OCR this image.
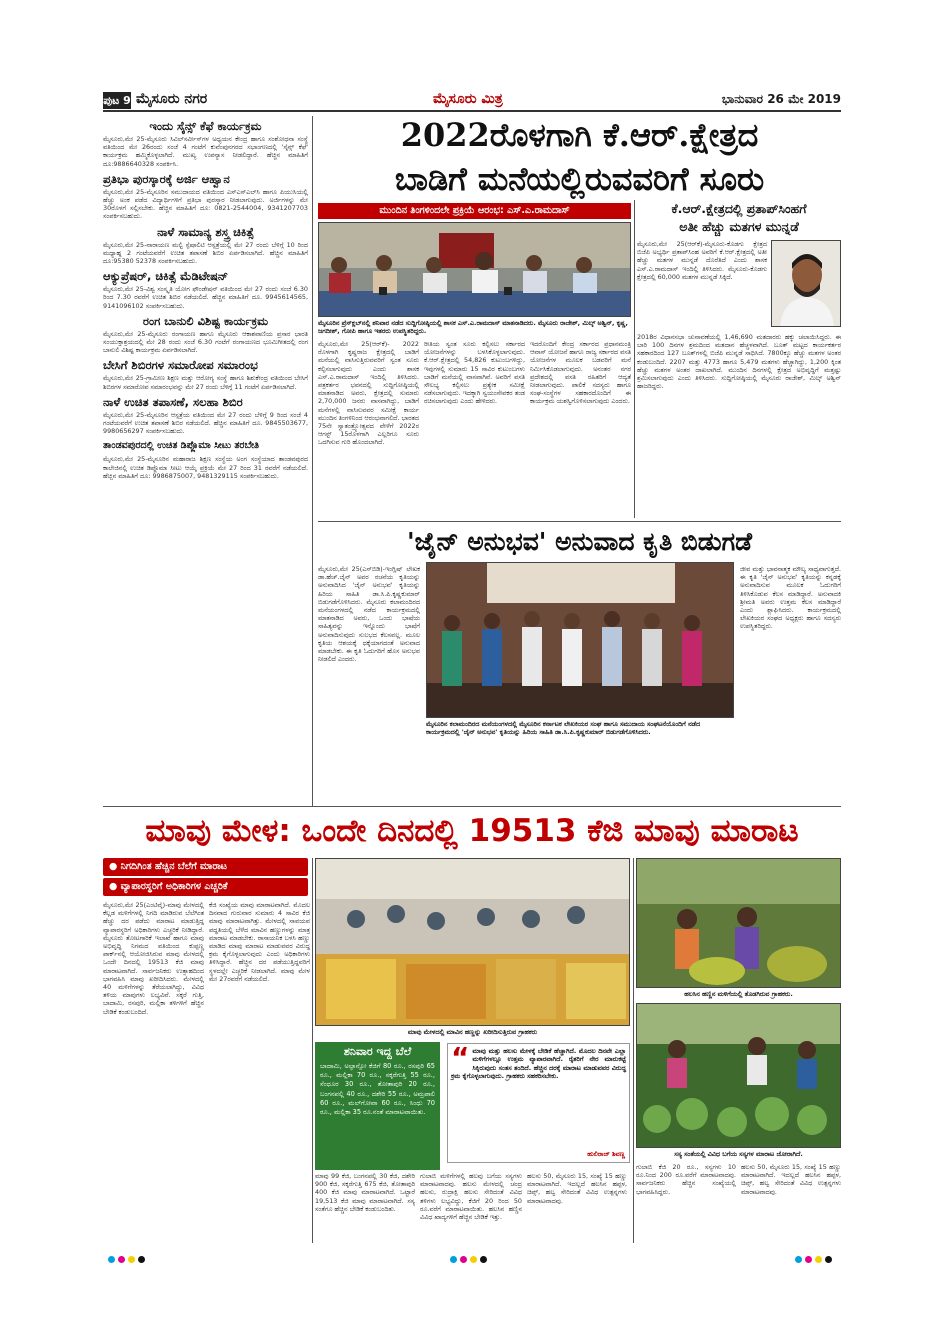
ಪುಟ 9 ಮೈಸೂರು ನಗರ	ಮೈಸೂರು ಮಿತ್ರ	ಭಾನುವಾರ 26 ಮೇ 2019
ಇಂದು ಸೈನ್ಸ್ ಕೆಫೆ ಕಾರ್ಯಕ್ರಮ
ಮೈಸೂರು,ಮೇ 25-ಮೈಸೂರು ಸಿವಿಲ್‌ಸರ್ವೀಸ್‌ಗಳ ಅಧ್ಯಯನ ಕೇಂದ್ರ ಹಾಗೂ ಸಂಶೋಧನಾ ಸಂಸ್ಥೆ ವತಿಯಿಂದ ಮೇ 26ರಂದು ಸಂಜೆ 4 ಗಂಟೆಗೆ ಕುವೆಂಪುನಗರದ ಸಭಾಂಗಣದಲ್ಲಿ 'ಸೈನ್ಸ್ ಕೆಫೆ' ಕಾರ್ಯಕ್ರಮ ಹಮ್ಮಿಕೊಳ್ಳಲಾಗಿದೆ. ಮುಖ್ಯ ಉಪನ್ಯಾಸ ನೀಡಲಿದ್ದಾರೆ. ಹೆಚ್ಚಿನ ಮಾಹಿತಿಗೆ ದೂ:9886640328 ಸಂಪರ್ಕಿಸಿ.
ಪ್ರತಿಭಾ ಪುರಸ್ಕಾರಕ್ಕೆ ಅರ್ಜಿ ಆಹ್ವಾನ
ಮೈಸೂರು,ಮೇ 25-ಮೈಸೂರಿನ ಸಮುದಾಯದ ವತಿಯಿಂದ ಎಸ್‌ಎಸ್‌ಎಲ್‌ಸಿ ಹಾಗೂ ಪಿಯುಸಿಯಲ್ಲಿ ಹೆಚ್ಚು ಅಂಕ ಪಡೆದ ವಿದ್ಯಾರ್ಥಿಗಳಿಗೆ ಪ್ರತಿಭಾ ಪುರಸ್ಕಾರ ನೀಡಲಾಗುವುದು. ಅರ್ಜಿಗಳನ್ನು ಮೇ 30ರೊಳಗೆ ಸಲ್ಲಿಸಬೇಕು. ಹೆಚ್ಚಿನ ಮಾಹಿತಿಗೆ ದೂ: 0821-2544004, 9341207703 ಸಂಪರ್ಕಿಸಬಹುದು.
ನಾಳೆ ಸಾಮಾನ್ಯ ಶಸ್ತ್ರ ಚಿಕಿತ್ಸೆ
ಮೈಸೂರು,ಮೇ 25-ನಾರಾಯಣ ಮಲ್ಟಿ ಸ್ಪೆಷಾಲಿಟಿ ಆಸ್ಪತ್ರೆಯಲ್ಲಿ ಮೇ 27 ರಂದು ಬೆಳಿಗ್ಗೆ 10 ರಿಂದ ಮಧ್ಯಾಹ್ನ 2 ಗಂಟೆಯವರೆಗೆ ಉಚಿತ ತಪಾಸಣೆ ಶಿಬಿರ ಏರ್ಪಡಿಸಲಾಗಿದೆ. ಹೆಚ್ಚಿನ ಮಾಹಿತಿಗೆ ದೂ:95380 52378 ಸಂಪರ್ಕಿಸಬಹುದು.
ಆಕ್ಯುಪ್ರೆಷರ್, ಚಿಕಿತ್ಸೆ ಮೆಡಿಟೇಷನ್
ಮೈಸೂರು,ಮೇ 25-ವಿಶ್ವ ಸಂಸ್ಕೃತಿ ಯೋಗ ಫೌಂಡೇಷನ್ ವತಿಯಿಂದ ಮೇ 27 ರಂದು ಸಂಜೆ 6.30 ರಿಂದ 7.30 ರವರೆಗೆ ಉಚಿತ ಶಿಬಿರ ನಡೆಯಲಿದೆ. ಹೆಚ್ಚಿನ ಮಾಹಿತಿಗೆ ದೂ. 9945614565, 9141096102 ಸಂಪರ್ಕಿಸಬಹುದು.
ರಂಗ ಬಾನುಲಿ ವಿಶಿಷ್ಟ ಕಾರ್ಯಕ್ರಮ
ಮೈಸೂರು,ಮೇ 25-ಮೈಸೂರು ರಂಗಾಯಣ ಹಾಗೂ ಮೈಸೂರು ಆಕಾಶವಾಣಿಯ ಪ್ರಸಾರ ಭಾರತಿ ಸಂಯುಕ್ತಾಶ್ರಯದಲ್ಲಿ ಮೇ 28 ರಂದು ಸಂಜೆ 6.30 ಗಂಟೆಗೆ ರಂಗಾಯಣದ ಭೂಮಿಗೀತದಲ್ಲಿ ರಂಗ ಬಾನುಲಿ ವಿಶಿಷ್ಟ ಕಾರ್ಯಕ್ರಮ ಏರ್ಪಡಿಸಲಾಗಿದೆ.
ಬೇಸಿಗೆ ಶಿಬಿರಗಳ ಸಮಾರೋಪ ಸಮಾರಂಭ
ಮೈಸೂರು,ಮೇ 25-ಗ್ರಾಮೀಣ ಶಿಕ್ಷಣ ಮತ್ತು ಆರೋಗ್ಯ ಸಂಸ್ಥೆ ಹಾಗೂ ಶಿಶುಕೇಂದ್ರ ವತಿಯಿಂದ ಬೇಸಿಗೆ ಶಿಬಿರಗಳ ಸಮಾರೋಪ ಸಮಾರಂಭವನ್ನು ಮೇ 27 ರಂದು ಬೆಳಿಗ್ಗೆ 11 ಗಂಟೆಗೆ ಏರ್ಪಡಿಸಲಾಗಿದೆ.
ನಾಳೆ ಉಚಿತ ತಪಾಸಣೆ, ಸಲಹಾ ಶಿಬಿರ
ಮೈಸೂರು,ಮೇ 25-ಮೈಸೂರಿನ ಆಸ್ಪತ್ರೆಯ ವತಿಯಿಂದ ಮೇ 27 ರಂದು ಬೆಳಿಗ್ಗೆ 9 ರಿಂದ ಸಂಜೆ 4 ಗಂಟೆಯವರೆಗೆ ಉಚಿತ ತಪಾಸಣೆ ಶಿಬಿರ ನಡೆಯಲಿದೆ. ಹೆಚ್ಚಿನ ಮಾಹಿತಿಗೆ ದೂ. 9845503677, 9980656297 ಸಂಪರ್ಕಿಸಬಹುದು.
ತಾಂಡವಪುರದಲ್ಲಿ ಉಚಿತ ಡಿಪ್ಲೊಮಾ ಸೀಟು ತರಬೇತಿ
ಮೈಸೂರು,ಮೇ 25-ಮೈಸೂರಿನ ಮಹಾರಾಜ ಶಿಕ್ಷಣ ಸಂಸ್ಥೆಯ ಅಂಗ ಸಂಸ್ಥೆಯಾದ ತಾಂಡವಪುರದ ಕಾಲೇಜಿನಲ್ಲಿ ಉಚಿತ ಡಿಪ್ಲೊಮಾ ಸೀಟು ಆಯ್ಕೆ ಪ್ರಕ್ರಿಯೆ ಮೇ 27 ರಿಂದ 31 ರವರೆಗೆ ನಡೆಯಲಿದೆ. ಹೆಚ್ಚಿನ ಮಾಹಿತಿಗೆ ದೂ: 9986875007, 9481329115 ಸಂಪರ್ಕಿಸಬಹುದು.
2022ರೊಳಗಾಗಿ ಕೆ.ಆರ್.ಕ್ಷೇತ್ರದ
ಬಾಡಿಗೆ ಮನೆಯಲ್ಲಿರುವವರಿಗೆ ಸೂರು
ಮುಂದಿನ ತಿಂಗಳಿಂದಲೇ ಪ್ರಕ್ರಿಯೆ ಆರಂಭ: ಎಸ್.ಎ.ರಾಮದಾಸ್
ಮೈಸೂರಿನ ಪ್ರೆಸ್‌ಕ್ಲಬ್‌ನಲ್ಲಿ ಶನಿವಾರ ನಡೆದ ಸುದ್ದಿಗೋಷ್ಠಿಯಲ್ಲಿ ಶಾಸಕ ಎಸ್.ಎ.ರಾಮದಾಸ್ ಮಾತನಾಡಿದರು. ಮೈಸೂರು ರಾಜೇಶ್, ಮಿಲ್ಕ್ ಅಶ್ವಿನ್, ಕೃಷ್ಣ, ಜಗದೀಶ್, ಗೋಪಿ ಹಾಗೂ ಇತರರು ಉಪಸ್ಥಿತರಿದ್ದರು.
ಮೈಸೂರು,ಮೇ 25(ಆರ್‌ಕೆ)- 2022 ರೊಳಗಾಗಿ ಕೃಷ್ಣರಾಜ ಕ್ಷೇತ್ರದಲ್ಲಿ ಬಾಡಿಗೆ ಮನೆಯಲ್ಲಿ ವಾಸಿಸುತ್ತಿರುವವರಿಗೆ ಸ್ವಂತ ಸೂರು ಕಲ್ಪಿಸಲಾಗುವುದು ಎಂದು ಶಾಸಕ ಎಸ್.ಎ.ರಾಮದಾಸ್ ಇಂದಿಲ್ಲಿ ತಿಳಿಸಿದರು. ಪತ್ರಕರ್ತರ ಭವನದಲ್ಲಿ ಸುದ್ದಿಗೋಷ್ಠಿಯಲ್ಲಿ ಮಾತನಾಡಿದ ಅವರು, ಕ್ಷೇತ್ರದಲ್ಲಿ ಸುಮಾರು 2,70,000 ಜನರು ವಾಸವಾಗಿದ್ದು, ಬಾಡಿಗೆ ಮನೆಗಳಲ್ಲಿ ವಾಸಿಸುವವರ ಸಮೀಕ್ಷೆ ಕಾರ್ಯ ಮುಂದಿನ ತಿಂಗಳಿನಿಂದ ಆರಂಭವಾಗಲಿದೆ. ಭಾರತದ 75ನೇ ಸ್ವಾತಂತ್ರ್ಯೋತ್ಸವದ ವೇಳೆಗೆ 2022ರ ಆಗಸ್ಟ್ 15ರೊಳಗಾಗಿ ಎಲ್ಲರಿಗೂ ಸೂರು ಒದಗಿಸುವ ಗುರಿ ಹೊಂದಲಾಗಿದೆ.
ರೀತಿಯ ಸ್ವಂತ ಸೂರು ಕಲ್ಪಿಸಲು ಸರ್ಕಾರದ ಯೋಜನೆಗಳನ್ನು ಬಳಸಿಕೊಳ್ಳಲಾಗುವುದು. ಕೆ.ಆರ್.ಕ್ಷೇತ್ರದಲ್ಲಿ 54,826 ಕುಟುಂಬಗಳಿದ್ದು, ಇವುಗಳಲ್ಲಿ ಸುಮಾರು 15 ಸಾವಿರ ಕುಟುಂಬಗಳು ಬಾಡಿಗೆ ಮನೆಯಲ್ಲಿ ವಾಸವಾಗಿವೆ. ಅವರಿಗೆ ವಸತಿ ಸೌಲಭ್ಯ ಕಲ್ಪಿಸಲು ಪ್ರತ್ಯೇಕ ಸಮೀಕ್ಷೆ ನಡೆಸಲಾಗುವುದು. ಇದಕ್ಕಾಗಿ ಸ್ವಯಂಸೇವಕರ ತಂಡ ರಚಿಸಲಾಗುವುದು ಎಂದು ಹೇಳಿದರು.
ಇದರೊಂದಿಗೆ ಕೇಂದ್ರ ಸರ್ಕಾರದ ಪ್ರಧಾನಮಂತ್ರಿ ಆವಾಸ್ ಯೋಜನೆ ಹಾಗೂ ರಾಜ್ಯ ಸರ್ಕಾರದ ವಸತಿ ಯೋಜನೆಗಳ ಮೂಲಕ ಬಡವರಿಗೆ ಮನೆ ನಿರ್ಮಿಸಿಕೊಡಲಾಗುವುದು. ಅನಂತರ ನಗರ ಪ್ರದೇಶದಲ್ಲಿ ವಸತಿ ರಹಿತರಿಗೆ ಆದ್ಯತೆ ನೀಡಲಾಗುವುದು. ಪಾಲಿಕೆ ಸದಸ್ಯರು ಹಾಗೂ ಸಂಘ-ಸಂಸ್ಥೆಗಳ ಸಹಕಾರದೊಂದಿಗೆ ಈ ಕಾರ್ಯಕ್ರಮ ಯಶಸ್ವಿಗೊಳಿಸಲಾಗುವುದು ಎಂದರು.
ಕೆ.ಆರ್.ಕ್ಷೇತ್ರದಲ್ಲಿ ಪ್ರತಾಪ್‌ಸಿಂಹಗೆ
ಅತೀ ಹೆಚ್ಚು ಮತಗಳ ಮುನ್ನಡೆ
ಮೈಸೂರು,ಮೇ 25(ಆರ್‌ಕೆ)-ಮೈಸೂರು-ಕೊಡಗು ಕ್ಷೇತ್ರದ ಬಿಜೆಪಿ ಅಭ್ಯರ್ಥಿ ಪ್ರತಾಪ್‌ಸಿಂಹ ಅವರಿಗೆ ಕೆ.ಆರ್.ಕ್ಷೇತ್ರದಲ್ಲಿ ಅತೀ ಹೆಚ್ಚು ಮತಗಳ ಮುನ್ನಡೆ ದೊರೆತಿದೆ ಎಂದು ಶಾಸಕ ಎಸ್.ಎ.ರಾಮದಾಸ್ ಇಂದಿಲ್ಲಿ ತಿಳಿಸಿದರು. ಮೈಸೂರು-ಕೊಡಗು ಕ್ಷೇತ್ರದಲ್ಲಿ 60,000 ಮತಗಳ ಮುನ್ನಡೆ ಸಿಕ್ಕಿದೆ.
2018ರ ವಿಧಾನಸಭಾ ಚುನಾವಣೆಯಲ್ಲಿ 1,46,690 ಮತದಾರರು ಹಕ್ಕು ಚಲಾಯಿಸಿದ್ದರು. ಈ ಬಾರಿ 100 ದಿನಗಳ ಶ್ರಮದಿಂದ ಮತದಾನ ಹೆಚ್ಚಳವಾಗಿದೆ. ಬೂತ್ ಮಟ್ಟದ ಕಾರ್ಯಕರ್ತರ ಸಹಕಾರದಿಂದ 127 ಬೂತ್‌ಗಳಲ್ಲಿ ಬಿಜೆಪಿ ಮುನ್ನಡೆ ಸಾಧಿಸಿದೆ. 7800ಕ್ಕೂ ಹೆಚ್ಚು ಮತಗಳ ಅಂತರ ಕಂಡುಬಂದಿದೆ. 2207 ಮತ್ತು 4773 ಹಾಗೂ 5,479 ಮತಗಳು ಹೆಚ್ಚಾಗಿದ್ದು, 1,200 ಕ್ಕಿಂತ ಹೆಚ್ಚು ಮತಗಳ ಅಂತರ ದಾಖಲಾಗಿದೆ. ಮುಂದಿನ ದಿನಗಳಲ್ಲಿ ಕ್ಷೇತ್ರದ ಅಭಿವೃದ್ಧಿಗೆ ಮತ್ತಷ್ಟು ಶ್ರಮಿಸಲಾಗುವುದು ಎಂದು ತಿಳಿಸಿದರು. ಸುದ್ದಿಗೋಷ್ಠಿಯಲ್ಲಿ ಮೈಸೂರು ರಾಜೇಶ್, ಮಿಲ್ಕ್ ಅಶ್ವಿನ್ ಹಾಜರಿದ್ದರು.
'ಜೈನ್ ಅನುಭವ' ಅನುವಾದ ಕೃತಿ ಬಿಡುಗಡೆ
ಮೈಸೂರು,ಮೇ 25(ಎಸ್‌ಬಿಡಿ)-ಇಂಗ್ಲಿಷ್ ಲೇಖಕ ಡಾ.ಹೆಚ್.ಜೈನ್ ಅವರ ರಚನೆಯ ಕೃತಿಯನ್ನು ಅನುವಾದಿಸಿದ 'ಜೈನ್ ಅನುಭವ' ಕೃತಿಯನ್ನು ಹಿರಿಯ ಸಾಹಿತಿ ಡಾ.ಸಿ.ಪಿ.ಕೃಷ್ಣಕುಮಾರ್ ಬಿಡುಗಡೆಗೊಳಿಸಿದರು. ಮೈಸೂರು ಕಲಾಮಂದಿರದ ಮನೆಯಂಗಳದಲ್ಲಿ ನಡೆದ ಕಾರ್ಯಕ್ರಮದಲ್ಲಿ ಮಾತನಾಡಿದ ಅವರು, ಒಂದು ಭಾಷೆಯ ಸಾಹಿತ್ಯವನ್ನು ಇನ್ನೊಂದು ಭಾಷೆಗೆ ಅನುವಾದಿಸುವುದು ಸುಲಭದ ಕೆಲಸವಲ್ಲ. ಮೂಲ ಕೃತಿಯ ಆಶಯಕ್ಕೆ ಧಕ್ಕೆಯಾಗದಂತೆ ಅನುವಾದ ಮಾಡಬೇಕು. ಈ ಕೃತಿ ಓದುಗರಿಗೆ ಹೊಸ ಅನುಭವ ನೀಡಲಿದೆ ಎಂದರು.
ಮೈಸೂರಿನ ಕಲಾಮಂದಿರದ ಮನೆಯಂಗಳದಲ್ಲಿ ಮೈಸೂರಿನ ಕರ್ನಾಟಕ ಲೇಖಕಿಯರ ಸಂಘ ಹಾಗೂ ಸಮುದಾಯ ಸಂಘಟನೆಯೊಂದಿಗೆ ನಡೆದ ಕಾರ್ಯಕ್ರಮದಲ್ಲಿ 'ಜೈನ್ ಅನುಭವ' ಕೃತಿಯನ್ನು ಹಿರಿಯ ಸಾಹಿತಿ ಡಾ.ಸಿ.ಪಿ.ಕೃಷ್ಣಕುಮಾರ್ ಬಿಡುಗಡೆಗೊಳಿಸಿದರು.
ಜೀವ ಮತ್ತು ಭಾವನಾತ್ಮಕ ಮೌಲ್ಯ ಸಾಧ್ಯವಾಗುತ್ತದೆ. ಈ ಕೃತಿ 'ಜೈನ್ ಅನುಭವ' ಕೃತಿಯನ್ನು ಕನ್ನಡಕ್ಕೆ ಅನುವಾದಿಸುವ ಮೂಲಕ ಓದುಗರಿಗೆ ತಿಳಿಸಿಕೊಡುವ ಕೆಲಸ ಮಾಡಿದ್ದಾರೆ. ಅನುವಾದಕಿ ಶ್ರೀಮತಿ ಅವರು ಉತ್ತಮ ಕೆಲಸ ಮಾಡಿದ್ದಾರೆ ಎಂದು ಶ್ಲಾಘಿಸಿದರು. ಕಾರ್ಯಕ್ರಮದಲ್ಲಿ ಲೇಖಕಿಯರ ಸಂಘದ ಅಧ್ಯಕ್ಷರು ಹಾಗೂ ಸದಸ್ಯರು ಉಪಸ್ಥಿತರಿದ್ದರು.
ಮಾವು ಮೇಳ: ಒಂದೇ ದಿನದಲ್ಲಿ 19513 ಕೆಜಿ ಮಾವು ಮಾರಾಟ
● ನಿಗದಿಗಿಂತ ಹೆಚ್ಚಿನ ಬೆಲೆಗೆ ಮಾರಾಟ
● ವ್ಯಾಪಾರಸ್ಥರಿಗೆ ಅಧಿಕಾರಿಗಳ ಎಚ್ಚರಿಕೆ
ಮೈಸೂರು,ಮೇ 25(ಎಂಟಿವೈ)-ಮಾವು ಮೇಳದಲ್ಲಿ ಕೆಲ್ಲಡ ಮಳಿಗೆಗಳಲ್ಲಿ ನಿಗದಿ ಮಾಡಿರುವ ಬೆಲೆಗಿಂತ ಹೆಚ್ಚು ದರ ಪಡೆದು ಮಾರಾಟ ಮಾಡುತ್ತಿದ್ದ ವ್ಯಾಪಾರಸ್ಥರಿಗೆ ಅಧಿಕಾರಿಗಳು ಎಚ್ಚರಿಕೆ ನೀಡಿದ್ದಾರೆ. ಮೈಸೂರು ತೋಟಗಾರಿಕೆ ಇಲಾಖೆ ಹಾಗೂ ಮಾವು ಅಭಿವೃದ್ಧಿ ನಿಗಮದ ವತಿಯಿಂದ ಕುಪ್ಪಣ್ಣ ಪಾರ್ಕ್‌ನಲ್ಲಿ ಆಯೋಜಿಸಿರುವ ಮಾವು ಮೇಳದಲ್ಲಿ ಒಂದೇ ದಿನದಲ್ಲಿ 19513 ಕೆಜಿ ಮಾವು ಮಾರಾಟವಾಗಿದೆ. ಸಾರ್ವಜನಿಕರು ಉತ್ಸಾಹದಿಂದ ಭಾಗವಹಿಸಿ ಮಾವು ಖರೀದಿಸಿದರು. ಮೇಳದಲ್ಲಿ 40 ಮಳಿಗೆಗಳನ್ನು ತೆರೆಯಲಾಗಿದ್ದು, ವಿವಿಧ ತಳಿಯ ಮಾವುಗಳು ಲಭ್ಯವಿವೆ. ಸಕ್ಕರೆ ಗುತ್ತಿ, ಬಾದಾಮಿ, ರಸಪುರಿ, ಮಲ್ಲಿಕಾ ತಳಿಗಳಿಗೆ ಹೆಚ್ಚಿನ ಬೇಡಿಕೆ ಕಂಡುಬಂದಿದೆ.
ಕೆಜಿ ಸಂಖ್ಯೆಯ ಮಾವು ಮಾರಾಟವಾಗಿದೆ. ಮೊದಲ ದಿನವಾದ ಗುರುವಾರ ಸುಮಾರು 4 ಸಾವಿರ ಕೆಜಿ ಮಾವು ಮಾರಾಟವಾಗಿತ್ತು. ಮೇಳದಲ್ಲಿ ಸಾವಯವ ಪದ್ಧತಿಯಲ್ಲಿ ಬೆಳೆದ ಮಾವಿನ ಹಣ್ಣುಗಳನ್ನು ಮಾತ್ರ ಮಾರಾಟ ಮಾಡಬೇಕು. ರಾಸಾಯನಿಕ ಬಳಸಿ ಹಣ್ಣು ಮಾಡಿದ ಮಾವು ಮಾರಾಟ ಮಾಡುವವರ ವಿರುದ್ಧ ಕ್ರಮ ಕೈಗೊಳ್ಳಲಾಗುವುದು ಎಂದು ಅಧಿಕಾರಿಗಳು ತಿಳಿಸಿದ್ದಾರೆ. ಹೆಚ್ಚಿನ ದರ ಪಡೆಯುತ್ತಿದ್ದವರಿಗೆ ಸ್ಥಳದಲ್ಲೇ ಎಚ್ಚರಿಕೆ ನೀಡಲಾಗಿದೆ. ಮಾವು ಮೇಳ ಮೇ 27ರವರೆಗೆ ನಡೆಯಲಿದೆ.
ಮಾವು ಮೇಳದಲ್ಲಿ ಮಾವಿನ ಹಣ್ಣನ್ನು ಖರೀದಿಸುತ್ತಿರುವ ಗ್ರಾಹಕರು
ಶನಿವಾರ ಇದ್ದ ಬೆಲೆ
ಬಾದಾಮಿ, ಅಲ್ಫಾನ್ಸೋ ಕೆಜಿಗೆ 80 ರೂ., ರಸಪುರಿ 65 ರೂ., ಮಲ್ಲಿಕಾ 70 ರೂ., ಸಕ್ಕರೆಗುತ್ತಿ 55 ರೂ., ಸೆಂಧೂರ 30 ರೂ., ತೋತಾಪುರಿ 20 ರೂ., ಬಂಗನಪಲ್ಲಿ 40 ರೂ., ದಶೇರಿ 55 ರೂ., ಅಮ್ರಪಾಲಿ 60 ರೂ., ಮಲ್‌ಗೋವಾ 60 ರೂ., ಸಿಂಧು 70 ರೂ., ಮಲ್ಲಿಕಾ 35 ರೂ.ನಂತೆ ಮಾರಾಟವಾಯಿತು.
“ ಮಾವು ಮತ್ತು ಹಲಸು ಮೇಳಕ್ಕೆ ಬೇಡಿಕೆ ಹೆಚ್ಚಾಗಿದೆ. ಮೊದಲ ದಿನವೇ ಎಲ್ಲಾ ಮಳಿಗೆಗಳಲ್ಲೂ ಉತ್ತಮ ವ್ಯಾಪಾರವಾಗಿದೆ. ರೈತರಿಗೆ ನೇರ ಮಾರುಕಟ್ಟೆ ಸಿಕ್ಕಿರುವುದು ಸಂತಸ ತಂದಿದೆ. ಹೆಚ್ಚಿನ ದರಕ್ಕೆ ಮಾರಾಟ ಮಾಡುವವರ ವಿರುದ್ಧ ಕ್ರಮ ಕೈಗೊಳ್ಳಲಾಗುವುದು. ಗ್ರಾಹಕರು ಸಹಕರಿಸಬೇಕು.
ಹುಲಿರಾಜ್ ಶಿವಣ್ಣ
ಮಾವು 99 ಕೆಜಿ, ಬಂಗನಪಲ್ಲಿ 30 ಕೆಜಿ, ದಶೇರಿ 900 ಕೆಜಿ, ಸಕ್ಕರೆಗುತ್ತಿ 675 ಕೆಜಿ, ತೋತಾಪುರಿ 400 ಕೆಜಿ ಮಾವು ಮಾರಾಟವಾಗಿದೆ. ಒಟ್ಟಾರೆ 19,513 ಕೆಜಿ ಮಾವು ಮಾರಾಟವಾಗಿದೆ. ಸಸ್ಯ ಸಂತೆಗೂ ಹೆಚ್ಚಿನ ಬೇಡಿಕೆ ಕಂಡುಬಂದಿತು.
ಗುಲಾಬಿ ಮಳಿಗೆಗಳಲ್ಲಿ ಹಲವು ಬಗೆಯ ಸಸ್ಯಗಳು ಮಾರಾಟವಾದವು. ಹಲಸು ಮೇಳದಲ್ಲಿ ಚಂದ್ರ ಹಲಸು, ರುದ್ರಾಕ್ಷಿ ಹಲಸು ಸೇರಿದಂತೆ ವಿವಿಧ ತಳಿಗಳು ಲಭ್ಯವಿದ್ದು, ಕೆಜಿಗೆ 20 ರಿಂದ 50 ರೂ.ವರೆಗೆ ಮಾರಾಟವಾಯಿತು. ಹಲಸಿನ ಹಣ್ಣಿನ ವಿವಿಧ ಖಾದ್ಯಗಳಿಗೆ ಹೆಚ್ಚಿನ ಬೇಡಿಕೆ ಇತ್ತು.
ಹಲಸು 50, ಮೈಸೂರು 15, ಸಂಖ್ಯೆ 15 ಹಣ್ಣು ಮಾರಾಟವಾಗಿದೆ. ಇದಲ್ಲದೆ ಹಲಸಿನ ಹಪ್ಪಳ, ಚಿಪ್ಸ್, ಹಲ್ವ ಸೇರಿದಂತೆ ವಿವಿಧ ಉತ್ಪನ್ನಗಳು ಮಾರಾಟವಾದವು.
ಹಲಸಿನ ಹಣ್ಣಿನ ಮಳಿಗೆಯಲ್ಲಿ ತೊಡಗಿರುವ ಗ್ರಾಹಕರು.
ಸಸ್ಯ ಸಂತೆಯಲ್ಲಿ ವಿವಿಧ ಬಗೆಯ ಸಸ್ಯಗಳ ಮಾರಾಟ ಜೋರಾಗಿದೆ.
ಗುಲಾಬಿ ಕೆಜಿ 20 ರೂ., ಸಸ್ಯಗಳು 10 ರೂ.ನಿಂದ 200 ರೂ.ವರೆಗೆ ಮಾರಾಟವಾದವು. ಸಾರ್ವಜನಿಕರು ಹೆಚ್ಚಿನ ಸಂಖ್ಯೆಯಲ್ಲಿ ಭಾಗವಹಿಸಿದ್ದರು.
ಹಲಸು 50, ಮೈಸೂರು 15, ಸಂಖ್ಯೆ 15 ಹಣ್ಣು ಮಾರಾಟವಾಗಿದೆ. ಇದಲ್ಲದೆ ಹಲಸಿನ ಹಪ್ಪಳ, ಚಿಪ್ಸ್, ಹಲ್ವ ಸೇರಿದಂತೆ ವಿವಿಧ ಉತ್ಪನ್ನಗಳು ಮಾರಾಟವಾದವು.
